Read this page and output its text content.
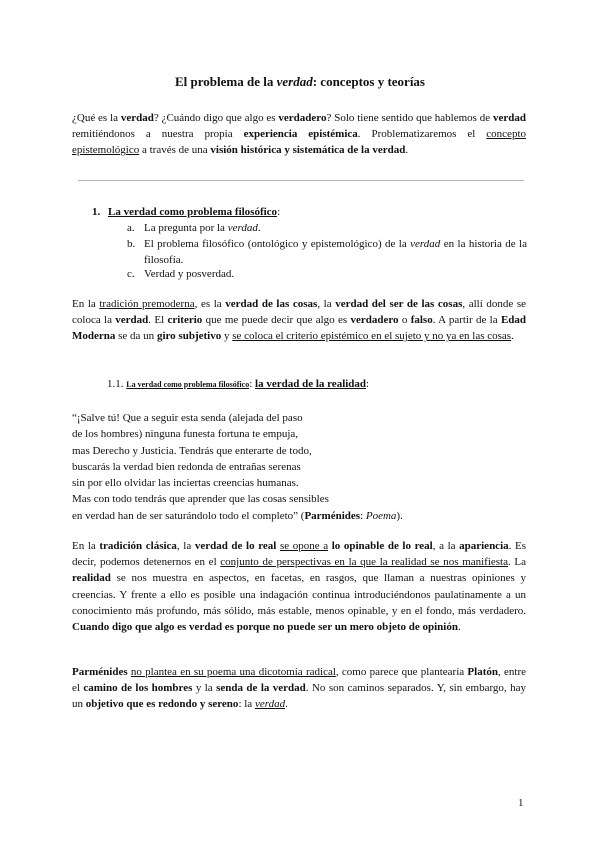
El problema de la verdad: conceptos y teorías

¿Qué es la verdad? ¿Cuándo digo que algo es verdadero? Solo tiene sentido que hablemos de verdad remitiéndonos a nuestra propia experiencia epistémica. Problematizaremos el concepto epistemológico a través de una visión histórica y sistemática de la verdad.

1. La verdad como problema filosófico:
a. La pregunta por la verdad.
b. El problema filosófico (ontológico y epistemológico) de la verdad en la historia de la filosofía.
c. Verdad y posverdad.

En la tradición premoderna, es la verdad de las cosas, la verdad del ser de las cosas, allí donde se coloca la verdad. El criterio que me puede decir que algo es verdadero o falso. A partir de la Edad Moderna se da un giro subjetivo y se coloca el criterio epistémico en el sujeto y no ya en las cosas.

1.1. La verdad como problema filosófico: la verdad de la realidad:
“¡Salve tú! Que a seguir esta senda (alejada del paso
de los hombres) ninguna funesta fortuna te empuja,
mas Derecho y Justicia. Tendrás que enterarte de todo,
buscarás la verdad bien redonda de entrañas serenas
sin por ello olvidar las inciertas creencias humanas.
Mas con todo tendrás que aprender que las cosas sensibles
en verdad han de ser saturándolo todo el completo” (Parménides: Poema).

En la tradición clásica, la verdad de lo real se opone a lo opinable de lo real, a la apariencia. Es decir, podemos detenernos en el conjunto de perspectivas en la que la realidad se nos manifiesta. La realidad se nos muestra en aspectos, en facetas, en rasgos, que llaman a nuestras opiniones y creencias. Y frente a ello es posible una indagación continua introduciéndonos paulatinamente a un conocimiento más profundo, más sólido, más estable, menos opinable, y en el fondo, más verdadero. Cuando digo que algo es verdad es porque no puede ser un mero objeto de opinión.

Parménides no plantea en su poema una dicotomía radical, como parece que plantearía Platón, entre el camino de los hombres y la senda de la verdad. No son caminos separados. Y, sin embargo, hay un objetivo que es redondo y sereno: la verdad.

1
